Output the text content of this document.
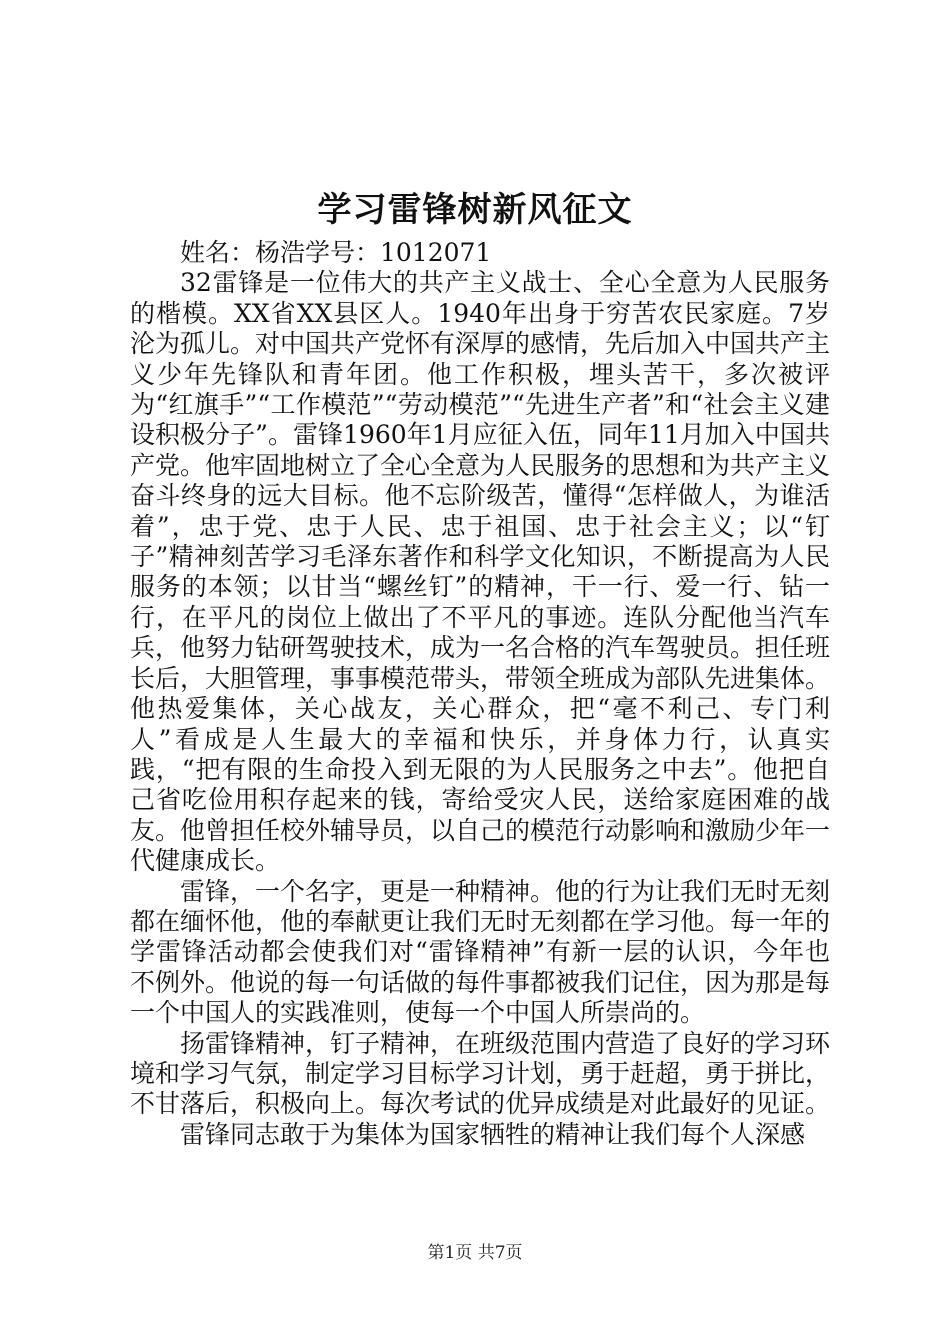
学习雷锋树新风征文
姓名：杨浩学号：1012071

32雷锋是一位伟大的共产主义战士、全心全意为人民服务的楷模。XX省XX县区人。1940年出身于穷苦农民家庭。7岁沦为孤儿。对中国共产党怀有深厚的感情，先后加入中国共产主义少年先锋队和青年团。他工作积极，埋头苦干，多次被评为“红旗手”“工作模范”“劳动模范”“先进生产者”和“社会主义建设积极分子”。雷锋1960年1月应征入伍，同年11月加入中国共产党。他牢固地树立了全心全意为人民服务的思想和为共产主义奋斗终身的远大目标。他不忘阶级苦，懂得“怎样做人，为谁活着”，忠于党、忠于人民、忠于祖国、忠于社会主义；以“钉子”精神刻苦学习毛泽东著作和科学文化知识，不断提高为人民服务的本领；以甘当“螺丝钉”的精神，干一行、爱一行、钻一行，在平凡的岗位上做出了不平凡的事迹。连队分配他当汽车兵，他努力钻研驾驶技术，成为一名合格的汽车驾驶员。担任班长后，大胆管理，事事模范带头，带领全班成为部队先进集体。他热爱集体，关心战友，关心群众，把“毫不利己、专门利人”看成是人生最大的幸福和快乐，并身体力行，认真实践，“把有限的生命投入到无限的为人民服务之中去”。他把自己省吃俭用积存起来的钱，寄给受灾人民，送给家庭困难的战友。他曾担任校外辅导员，以自己的模范行动影响和激励少年一代健康成长。

雷锋，一个名字，更是一种精神。他的行为让我们无时无刻都在缅怀他，他的奉献更让我们无时无刻都在学习他。每一年的学雷锋活动都会使我们对“雷锋精神”有新一层的认识，今年也不例外。他说的每一句话做的每件事都被我们记住，因为那是每一个中国人的实践准则，使每一个中国人所崇尚的。

扬雷锋精神，钉子精神，在班级范围内营造了良好的学习环境和学习气氛，制定学习目标学习计划，勇于赶超，勇于拼比，不甘落后，积极向上。每次考试的优异成绩是对此最好的见证。

雷锋同志敢于为集体为国家牺牲的精神让我们每个人深感

第1页 共7页
